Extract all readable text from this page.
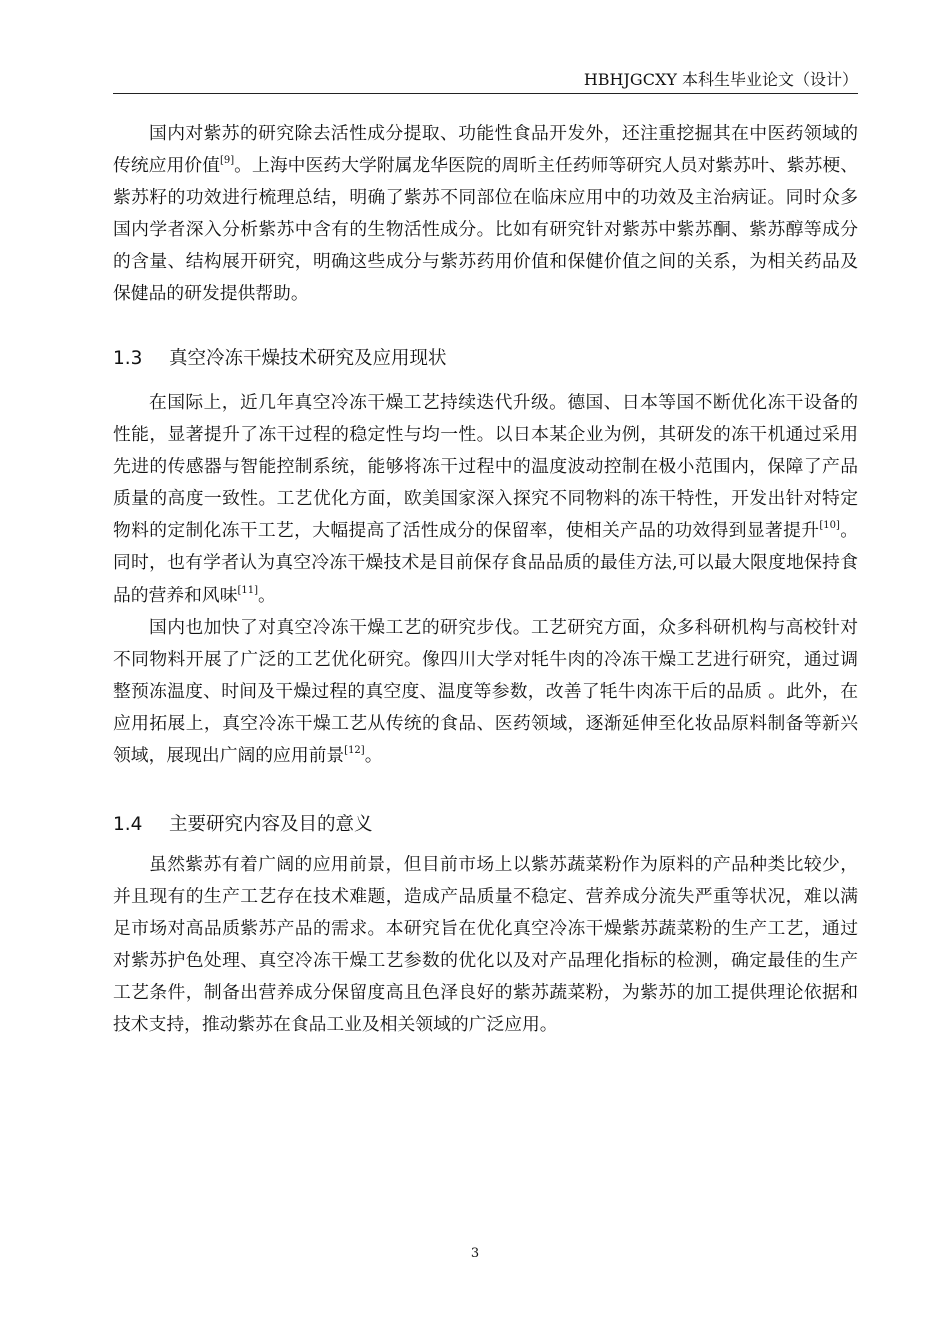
HBHJGCXY 本科生毕业论文（设计）

国内对紫苏的研究除去活性成分提取、功能性食品开发外，还注重挖掘其在中医药领域的传统应用价值[9]。上海中医药大学附属龙华医院的周昕主任药师等研究人员对紫苏叶、紫苏梗、紫苏籽的功效进行梳理总结，明确了紫苏不同部位在临床应用中的功效及主治病证。同时众多国内学者深入分析紫苏中含有的生物活性成分。比如有研究针对紫苏中紫苏酮、紫苏醇等成分的含量、结构展开研究，明确这些成分与紫苏药用价值和保健价值之间的关系，为相关药品及保健品的研发提供帮助。

1.3 真空冷冻干燥技术研究及应用现状

在国际上，近几年真空冷冻干燥工艺持续迭代升级。德国、日本等国不断优化冻干设备的性能，显著提升了冻干过程的稳定性与均一性。以日本某企业为例，其研发的冻干机通过采用先进的传感器与智能控制系统，能够将冻干过程中的温度波动控制在极小范围内，保障了产品质量的高度一致性。工艺优化方面，欧美国家深入探究不同物料的冻干特性，开发出针对特定物料的定制化冻干工艺，大幅提高了活性成分的保留率，使相关产品的功效得到显著提升[10]。同时，也有学者认为真空冷冻干燥技术是目前保存食品品质的最佳方法,可以最大限度地保持食品的营养和风味[11]。

国内也加快了对真空冷冻干燥工艺的研究步伐。工艺研究方面，众多科研机构与高校针对不同物料开展了广泛的工艺优化研究。像四川大学对牦牛肉的冷冻干燥工艺进行研究，通过调整预冻温度、时间及干燥过程的真空度、温度等参数，改善了牦牛肉冻干后的品质 。此外，在应用拓展上，真空冷冻干燥工艺从传统的食品、医药领域，逐渐延伸至化妆品原料制备等新兴领域，展现出广阔的应用前景[12]。

1.4 主要研究内容及目的意义

虽然紫苏有着广阔的应用前景，但目前市场上以紫苏蔬菜粉作为原料的产品种类比较少，并且现有的生产工艺存在技术难题，造成产品质量不稳定、营养成分流失严重等状况，难以满足市场对高品质紫苏产品的需求。本研究旨在优化真空冷冻干燥紫苏蔬菜粉的生产工艺，通过对紫苏护色处理、真空冷冻干燥工艺参数的优化以及对产品理化指标的检测，确定最佳的生产工艺条件，制备出营养成分保留度高且色泽良好的紫苏蔬菜粉，为紫苏的加工提供理论依据和技术支持，推动紫苏在食品工业及相关领域的广泛应用。

3
